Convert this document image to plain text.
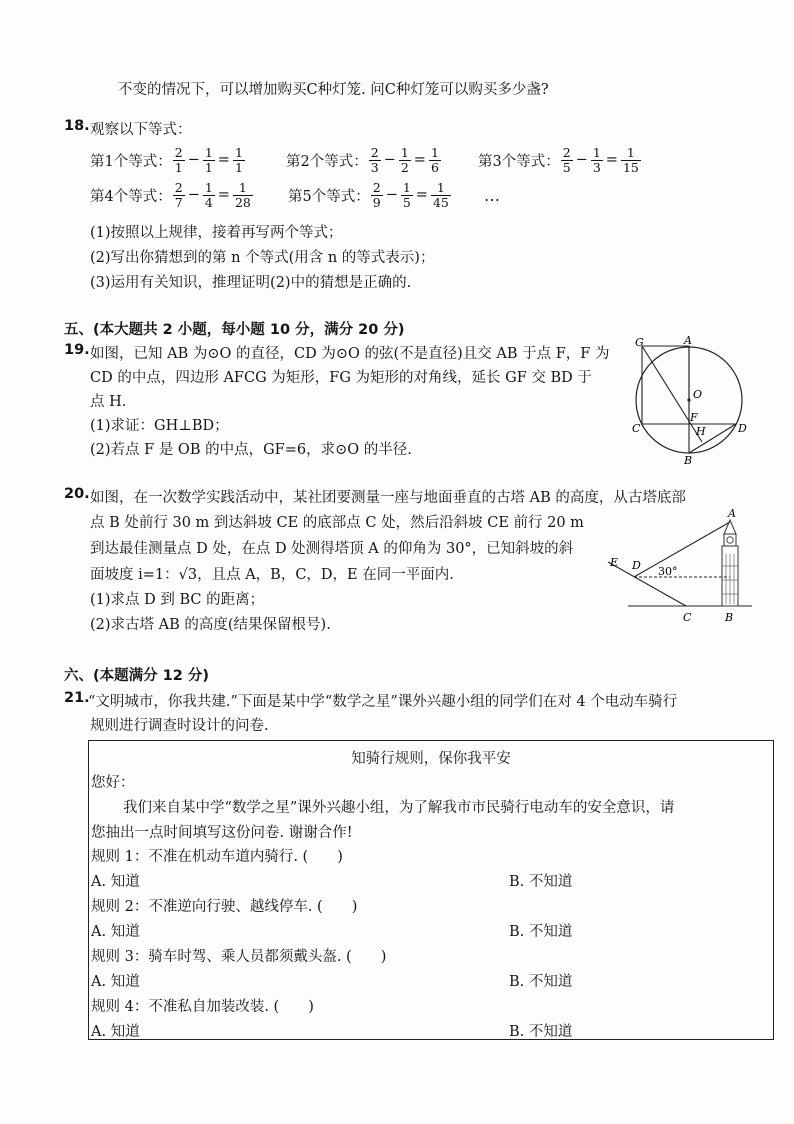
不变的情况下，可以增加购买C种灯笼. 问C种灯笼可以购买多少盏?
18. 观察以下等式：
第1个等式： $\frac{2}{1} - \frac{1}{1} = \frac{1}{1}$	第2个等式： $\frac{2}{3} - \frac{1}{2} = \frac{1}{6}$	第3个等式： $\frac{2}{5} - \frac{1}{3} = \frac{1}{15}$
第4个等式： $\frac{2}{7} - \frac{1}{4} = \frac{1}{28}$ 第5个等式： $\frac{2}{9} - \frac{1}{5} = \frac{1}{45}$ …
(1)按照以上规律，接着再写两个等式；
(2)写出你猜想到的第 n 个等式(用含 n 的等式表示)；
(3)运用有关知识，推理证明(2)中的猜想是正确的.
五、(本大题共 2 小题，每小题 10 分，满分 20 分)
19. 如图，已知 AB 为⊙O 的直径，CD 为⊙O 的弦(不是直径)且交 AB 于点 F，F 为
CD 的中点，四边形 AFCG 为矩形，FG 为矩形的对角线，延长 GF 交 BD 于
点 H.
(1)求证：GH⊥BD；
(2)若点 F 是 OB 的中点，GF=6，求⊙O 的半径.
G	A
O
F
C	H	D
B
20. 如图，在一次数学实践活动中，某社团要测量一座与地面垂直的古塔 AB 的高度，从古塔底部
点 B 处前行 30 m 到达斜坡 CE 的底部点 C 处，然后沿斜坡 CE 前行 20 m
到达最佳测量点 D 处，在点 D 处测得塔顶 A 的仰角为 30°，已知斜坡的斜
面坡度 i=1：√3，且点 A，B，C，D，E 在同一平面内.
(1)求点 D 到 BC 的距离；
(2)求古塔 AB 的高度(结果保留根号).
A
E D 30°
C	B
六、(本题满分 12 分)
21.
“文明城市，你我共建.”下面是某中学“数学之星”课外兴趣小组的同学们在对 4 个电动车骑行
规则进行调查时设计的问卷.
知骑行规则，保你我平安
您好：
我们来自某中学“数学之星”课外兴趣小组，为了解我市市民骑行电动车的安全意识，请
您抽出一点时间填写这份问卷. 谢谢合作!
规则 1：不准在机动车道内骑行. (　　)
A. 知道	B. 不知道
规则 2：不准逆向行驶、越线停车. (　　)
A. 知道	B. 不知道
规则 3：骑车时驾、乘人员都须戴头盔. (　　)
A. 知道	B. 不知道
规则 4：不准私自加装改装. (　　)
A. 知道	B. 不知道
